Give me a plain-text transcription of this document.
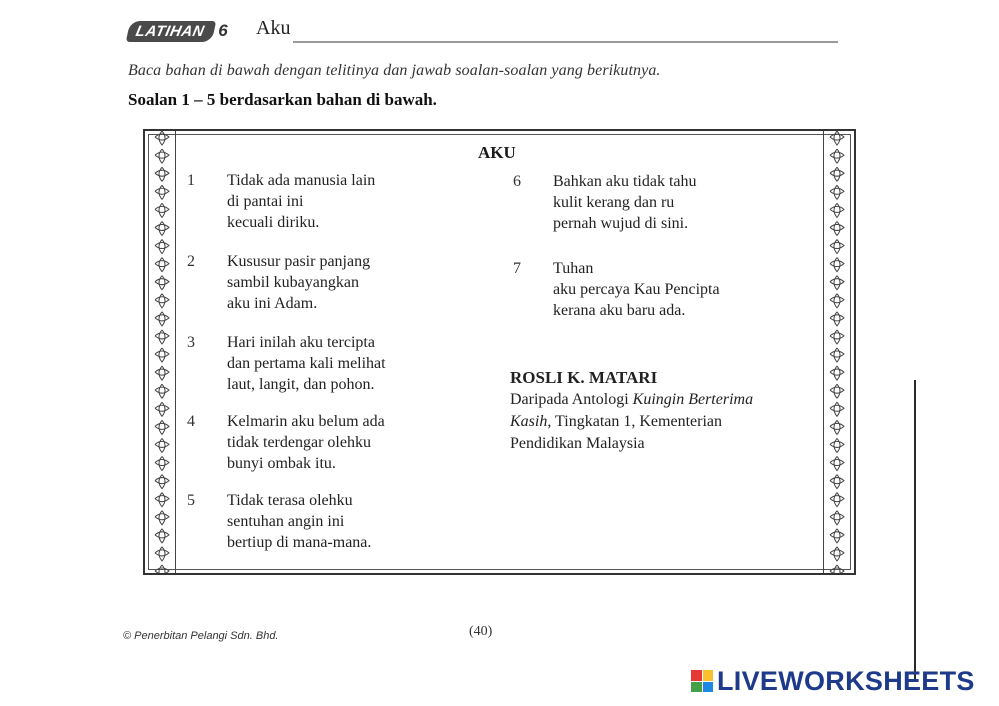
LATIHAN 6 Aku
Baca bahan di bawah dengan telitinya dan jawab soalan-soalan yang berikutnya.
Soalan 1 – 5 berdasarkan bahan di bawah.
AKU
1 Tidak ada manusia lain
di pantai ini
kecuali diriku.
2 Kususur pasir panjang
sambil kubayangkan
aku ini Adam.
3 Hari inilah aku tercipta
dan pertama kali melihat
laut, langit, dan pohon.
4 Kelmarin aku belum ada
tidak terdengar olehku
bunyi ombak itu.
5 Tidak terasa olehku
sentuhan angin ini
bertiup di mana-mana.
6 Bahkan aku tidak tahu
kulit kerang dan ru
pernah wujud di sini.
7 Tuhan
aku percaya Kau Pencipta
kerana aku baru ada.
ROSLI K. MATARI
Daripada Antologi Kuingin Berterima
Kasih, Tingkatan 1, Kementerian
Pendidikan Malaysia
© Penerbitan Pelangi Sdn. Bhd.	(40)
LIVEWORKSHEETS
